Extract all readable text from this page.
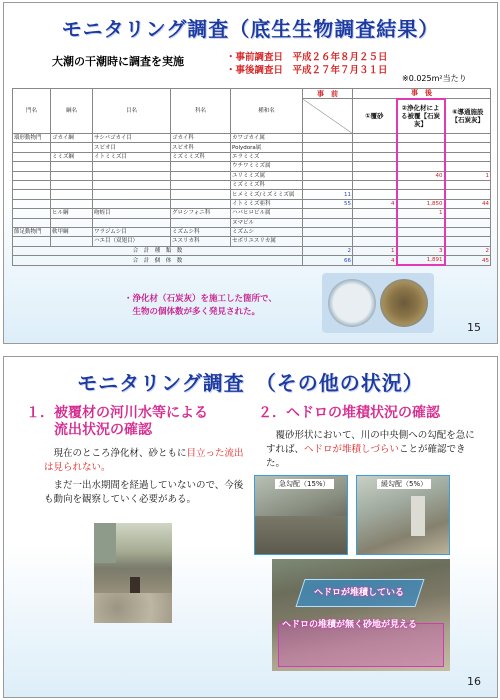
モニタリング調査（底生生物調査結果）
大潮の干潮時に調査を実施	・事前調査日　平成２６年８月２５日
・事後調査日　平成２７年７月３１日
※0.025m²当たり
門名	綱名	目名	科名	種和名	事　前	事　後		
						①覆砂	②浄化材による被覆【石炭灰】	⑥導通施設【石炭灰】
環形動物門	ゴカイ綱	サシバゴカイ目	ゴカイ科	カワゴカイ属				
		スピオ目	スピオ科	Polydora属				
	ミミズ綱	イトミミズ目	ミズミミズ科	エラミミズ				
				ウチワミミズ属				
				ユリミミズ属			40	1
				ミズミミズ科				
				ヒメミミズ/ミズミミズ属	11			
				イトミミズ亜科	55	4	1,850	44
	ヒル綱	吻蛭目	グロシフォニ科	ハバヒロビル属			1	
				ヌマビル				
節足動物門	軟甲綱	ワラジムシ目	ミズムシ科	ミズムシ				
		ハエ目（双翅目）	ユスリカ科	セボリユスリカ属				
合　計　種　類　数					2	1	3	2
合　計　個　体　数					66	4	1,891	45
・浄化材（石炭灰）を施工した箇所で、
　生物の個体数が多く発見された。
15
モニタリング調査　（その他の状況）
１．被覆材の河川水等による
　　流出状況の確認
２．ヘドロの堆積状況の確認
　現在のところ浄化材、砂ともに目立った流出は見られない。
　まだ一出水期間を経過していないので、今後も動向を観察していく必要がある。
　覆砂形状において、川の中央側への勾配を急にすれば、ヘドロが堆積しづらいことが確認できた。
急勾配（15%）	緩勾配（5%）
ヘドロが堆積している
ヘドロの堆積が無く砂地が見える
16
